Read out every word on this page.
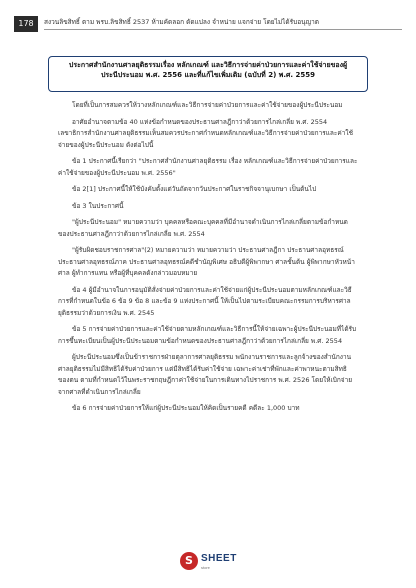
178	สงวนลิขสิทธิ์ ตาม พรบ.ลิขสิทธิ์ 2537 ห้ามคัดลอก ดัดแปลง จำหน่าย แจกจ่าย โดยไม่ได้รับอนุญาต
ประกาศสำนักงานศาลยุติธรรมเรื่อง หลักเกณฑ์ และวิธีการจ่ายค่าป่วยการและค่าใช้จ่ายของผู้
ประนีประนอม พ.ศ. 2556 และที่แก้ไขเพิ่มเติม (ฉบับที่ 2) พ.ศ. 2559

โดยที่เป็นการสมควรให้วางหลักเกณฑ์และวิธีการจ่ายค่าป่วยการและค่าใช้จ่ายของผู้ประนีประนอม

อาศัยอำนาจตามข้อ 40 แห่งข้อกำหนดของประธานศาลฎีกาว่าด้วยการไกล่เกลี่ย พ.ศ. 2554 เลขาธิการสำนักงานศาลยุติธรรมเห็นสมควรประกาศกำหนดหลักเกณฑ์และวิธีการจ่ายค่าป่วยการและค่าใช้จ่ายของผู้ประนีประนอม ดังต่อไปนี้

ข้อ 1 ประกาศนี้เรียกว่า "ประกาศสำนักงานศาลยุติธรรม เรื่อง หลักเกณฑ์และวิธีการจ่ายค่าป่วยการและค่าใช้จ่ายของผู้ประนีประนอม พ.ศ. 2556"

ข้อ 2[1] ประกาศนี้ให้ใช้บังคับตั้งแต่วันถัดจากวันประกาศในราชกิจจานุเบกษา เป็นต้นไป

ข้อ 3 ในประกาศนี้

"ผู้ประนีประนอม" หมายความว่า บุคคลหรือคณะบุคคลที่มีอำนาจดำเนินการไกล่เกลี่ยตามข้อกำหนดของประธานศาลฎีกาว่าด้วยการไกล่เกลี่ย พ.ศ. 2554

"ผู้รับผิดชอบราชการศาล"(2) หมายความว่า หมายความว่า ประธานศาลฎีกา ประธานศาลอุทธรณ์ ประธานศาลอุทธรณ์ภาค ประธานศาลอุทธรณ์คดีชำนัญพิเศษ อธิบดีผู้พิพากษา ศาลชั้นต้น ผู้พิพากษาหัวหน้าศาล ผู้ทำการแทน หรือผู้ที่บุคคลดังกล่าวมอบหมาย

ข้อ 4 ผู้มีอำนาจในการอนุมัติสั่งจ่ายค่าป่วยการและค่าใช้จ่ายแก่ผู้ประนีประนอมตามหลักเกณฑ์และวิธีการที่กำหนดในข้อ 6 ข้อ 9 ข้อ 8 และข้อ 9 แห่งประกาศนี้ ให้เป็นไปตามระเบียบคณะกรรมการบริหารศาลยุติธรรมว่าด้วยการเงิน พ.ศ. 2545

ข้อ 5 การจ่ายค่าป่วยการและค่าใช้จ่ายตามหลักเกณฑ์และวิธีการนี้ให้จ่ายเฉพาะผู้ประนีประนอมที่ได้รับการขึ้นทะเบียนเป็นผู้ประนีประนอมตามข้อกำหนดของประธานศาลฎีกาว่าด้วยการไกล่เกลี่ย พ.ศ. 2554

ผู้ประนีประนอมซึ่งเป็นข้าราชการฝ่ายตุลาการศาลยุติธรรม พนักงานราชการและลูกจ้างของสำนักงานศาลยุติธรรมไม่มีสิทธิได้รับค่าป่วยการ แต่มีสิทธิได้รับค่าใช้จ่าย เฉพาะค่าเช่าที่พักและค่าพาหนะตามสิทธิของตน ตามที่กำหนดไว้ในพระราชกฤษฎีกาค่าใช้จ่ายในการเดินทางไปราชการ พ.ศ. 2526 โดยให้เบิกจ่ายจากศาลที่ดำเนินการไกล่เกลี่ย

ข้อ 6 การจ่ายค่าป่วยการให้แก่ผู้ประนีประนอมให้คิดเป็นรายคดี คดีละ 1,000 บาท

S SHEET
store
